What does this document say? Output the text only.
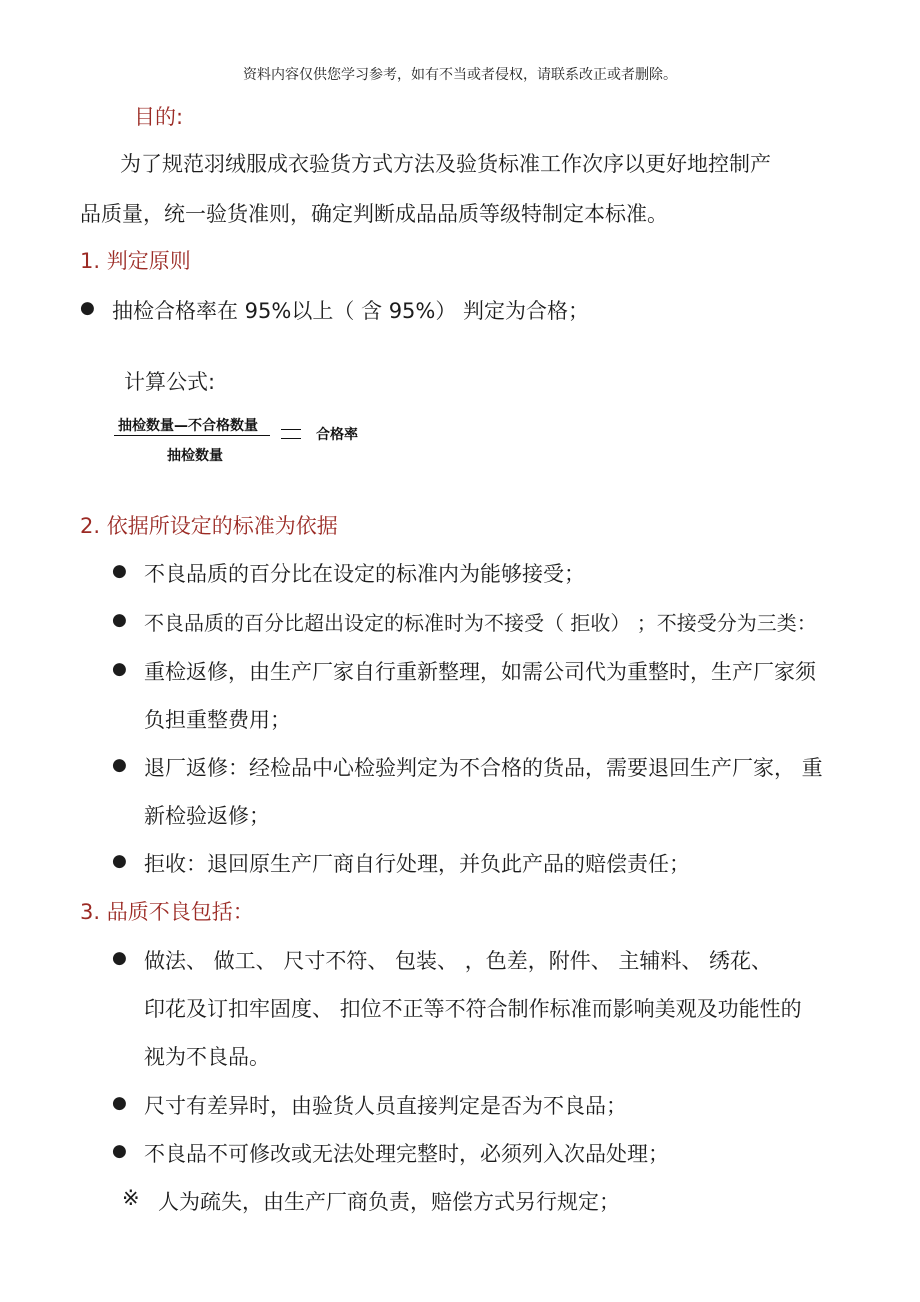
资料内容仅供您学习参考，如有不当或者侵权，请联系改正或者删除。
目的:
为了规范羽绒服成衣验货方式方法及验货标准工作次序以更好地控制产
品质量，统一验货准则，确定判断成品品质等级特制定本标准。
1. 判定原则
● 抽检合格率在 95%以上（ 含 95%） 判定为合格；
计算公式:
抽检数量—不合格数量
抽检数量
合格率
2. 依据所设定的标准为依据
● 不良品质的百分比在设定的标准内为能够接受；
● 不良品质的百分比超出设定的标准时为不接受（ 拒收） ；不接受分为三类：
● 重检返修，由生产厂家自行重新整理，如需公司代为重整时，生产厂家须
负担重整费用；
● 退厂返修：经检品中心检验判定为不合格的货品，需要退回生产厂家， 重
新检验返修；
● 拒收：退回原生产厂商自行处理，并负此产品的赔偿责任；
3. 品质不良包括：
● 做法、 做工、 尺寸不符、 包装、 ，色差，附件、 主辅料、 绣花、
印花及订扣牢固度、 扣位不正等不符合制作标准而影响美观及功能性的
视为不良品。
● 尺寸有差异时，由验货人员直接判定是否为不良品；
● 不良品不可修改或无法处理完整时，必须列入次品处理；
※ 人为疏失，由生产厂商负责，赔偿方式另行规定；
